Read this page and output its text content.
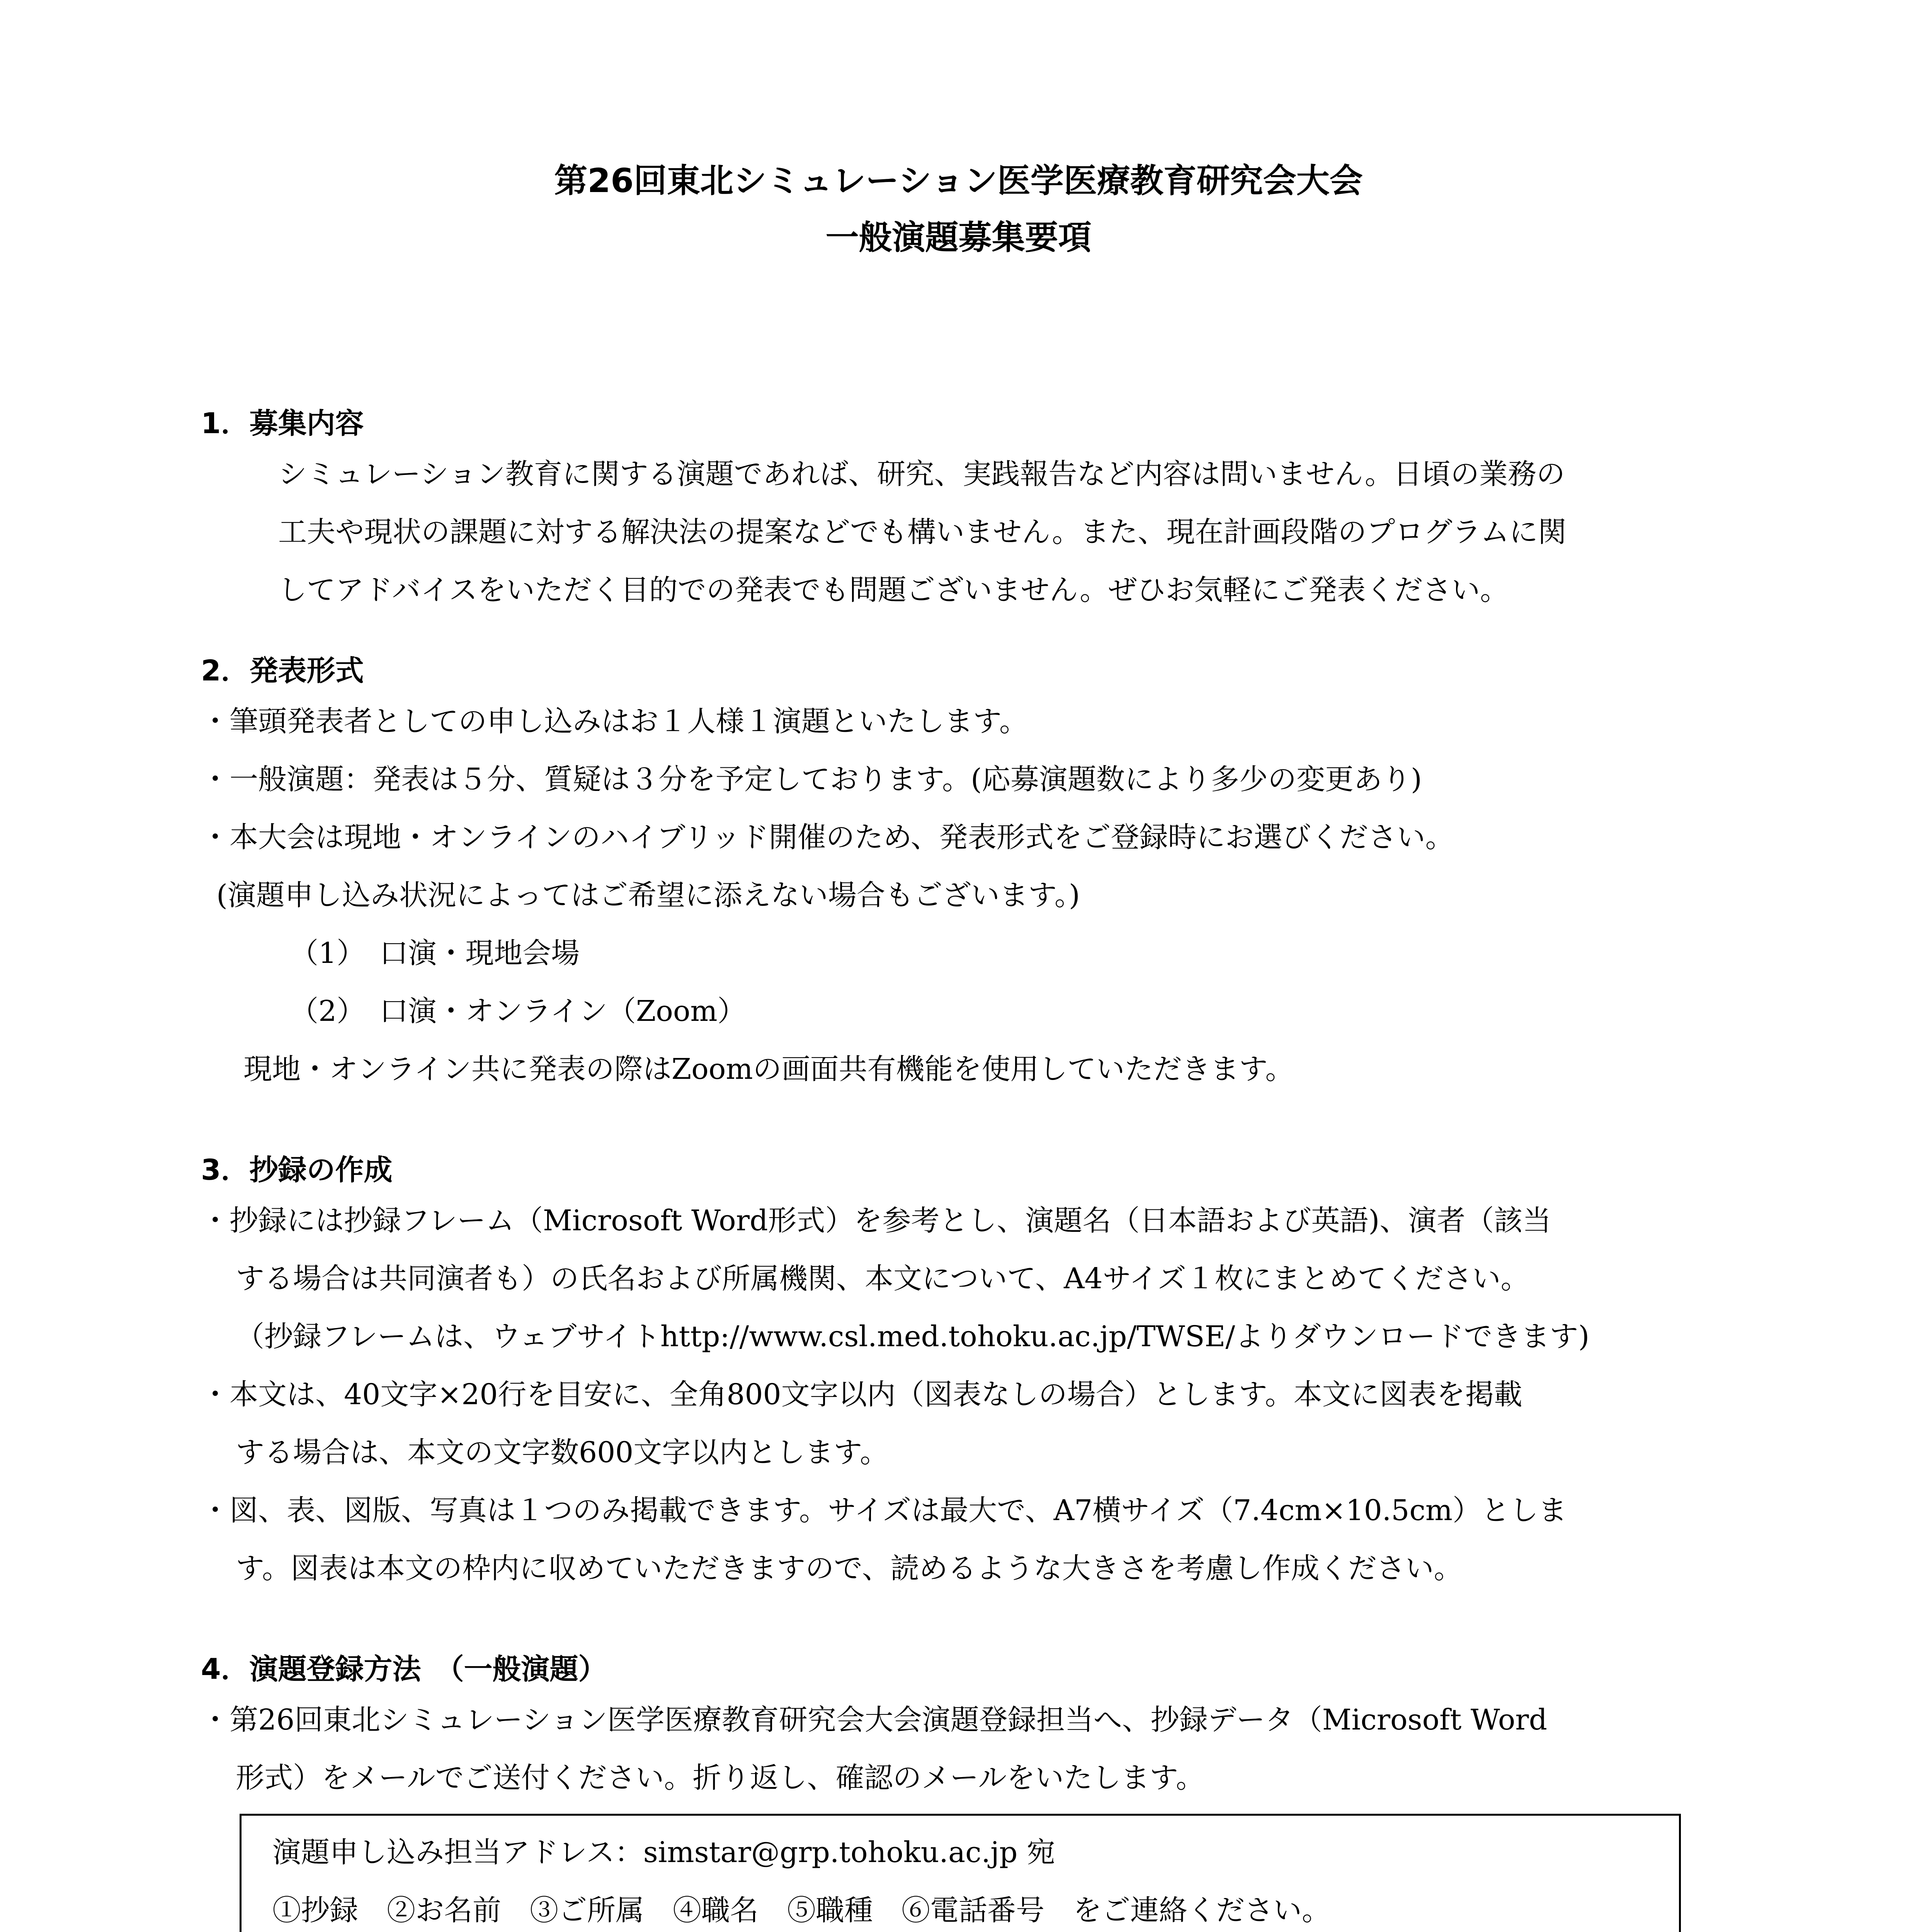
第26回東北シミュレーション医学医療教育研究会大会
一般演題募集要項
1．募集内容
シミュレーション教育に関する演題であれば、研究、実践報告など内容は問いません。日頃の業務の
工夫や現状の課題に対する解決法の提案などでも構いません。また、現在計画段階のプログラムに関
してアドバイスをいただく目的での発表でも問題ございません。ぜひお気軽にご発表ください。
2．発表形式
・筆頭発表者としての申し込みはお１人様１演題といたします。
・一般演題：発表は５分、質疑は３分を予定しております。(応募演題数により多少の変更あり)
・本大会は現地・オンラインのハイブリッド開催のため、発表形式をご登録時にお選びください。
(演題申し込み状況によってはご希望に添えない場合もございます。)
（1）　口演・現地会場
（2）　口演・オンライン（Zoom）
現地・オンライン共に発表の際はZoomの画面共有機能を使用していただきます。
3．抄録の作成
・抄録には抄録フレーム（Microsoft Word形式）を参考とし、演題名（日本語および英語)、演者（該当
する場合は共同演者も）の氏名および所属機関、本文について、A4サイズ１枚にまとめてください。
（抄録フレームは、ウェブサイトhttp://www.csl.med.tohoku.ac.jp/TWSE/よりダウンロードできます)
・本文は、40文字×20行を目安に、全角800文字以内（図表なしの場合）とします。本文に図表を掲載
する場合は、本文の文字数600文字以内とします。
・図、表、図版、写真は１つのみ掲載できます。サイズは最大で、A7横サイズ（7.4cm×10.5cm）としま
す。図表は本文の枠内に収めていただきますので、読めるような大きさを考慮し作成ください。
4．演題登録方法　（一般演題）
・第26回東北シミュレーション医学医療教育研究会大会演題登録担当へ、抄録データ（Microsoft Word
形式）をメールでご送付ください。折り返し、確認のメールをいたします。
演題申し込み担当アドレス：simstar@grp.tohoku.ac.jp 宛
①抄録　②お名前　③ご所属　④職名　⑤職種　⑥電話番号　をご連絡ください。
